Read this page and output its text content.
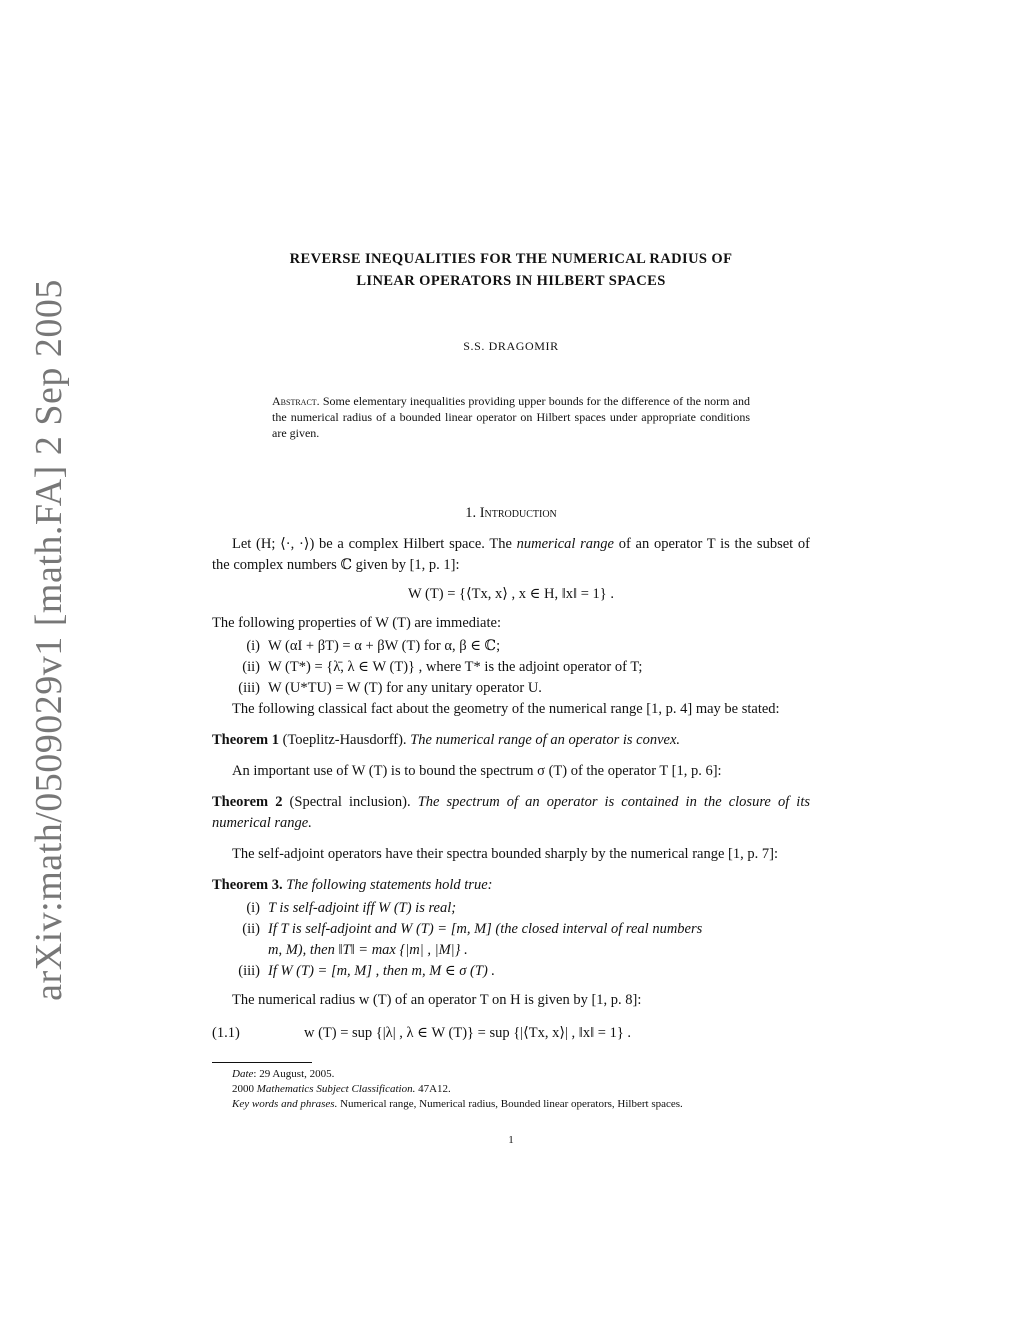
arXiv:math/0509029v1 [math.FA] 2 Sep 2005
REVERSE INEQUALITIES FOR THE NUMERICAL RADIUS OF
LINEAR OPERATORS IN HILBERT SPACES
S.S. DRAGOMIR
Abstract. Some elementary inequalities providing upper bounds for the difference of the norm and the numerical radius of a bounded linear operator on Hilbert spaces under appropriate conditions are given.
1. Introduction

Let (H; ⟨·, ·⟩) be a complex Hilbert space. The numerical range of an operator T is the subset of the complex numbers ℂ given by [1, p. 1]:

W (T) = {⟨Tx, x⟩ , x ∈ H, ‖x‖ = 1} .

The following properties of W (T) are immediate:

(i) W (αI + βT) = α + βW (T) for α, β ∈ ℂ;
(ii) W (T*) = {λ̄, λ ∈ W (T)} , where T* is the adjoint operator of T;
(iii) W (U*TU) = W (T) for any unitary operator U.

The following classical fact about the geometry of the numerical range [1, p. 4] may be stated:

Theorem 1 (Toeplitz-Hausdorff). The numerical range of an operator is convex.

An important use of W (T) is to bound the spectrum σ (T) of the operator T [1, p. 6]:

Theorem 2 (Spectral inclusion). The spectrum of an operator is contained in the closure of its numerical range.

The self-adjoint operators have their spectra bounded sharply by the numerical range [1, p. 7]:

Theorem 3. The following statements hold true:

(i) T is self-adjoint iff W (T) is real;
(ii) If T is self-adjoint and W (T) = [m, M] (the closed interval of real numbers
m, M), then ‖T‖ = max {|m| , |M|} .
(iii) If W (T) = [m, M] , then m, M ∈ σ (T) .

The numerical radius w (T) of an operator T on H is given by [1, p. 8]:

(1.1)	w (T) = sup {|λ| , λ ∈ W (T)} = sup {|⟨Tx, x⟩| , ‖x‖ = 1} .

Date: 29 August, 2005.

2000 Mathematics Subject Classification. 47A12.

Key words and phrases. Numerical range, Numerical radius, Bounded linear operators, Hilbert spaces.

1
